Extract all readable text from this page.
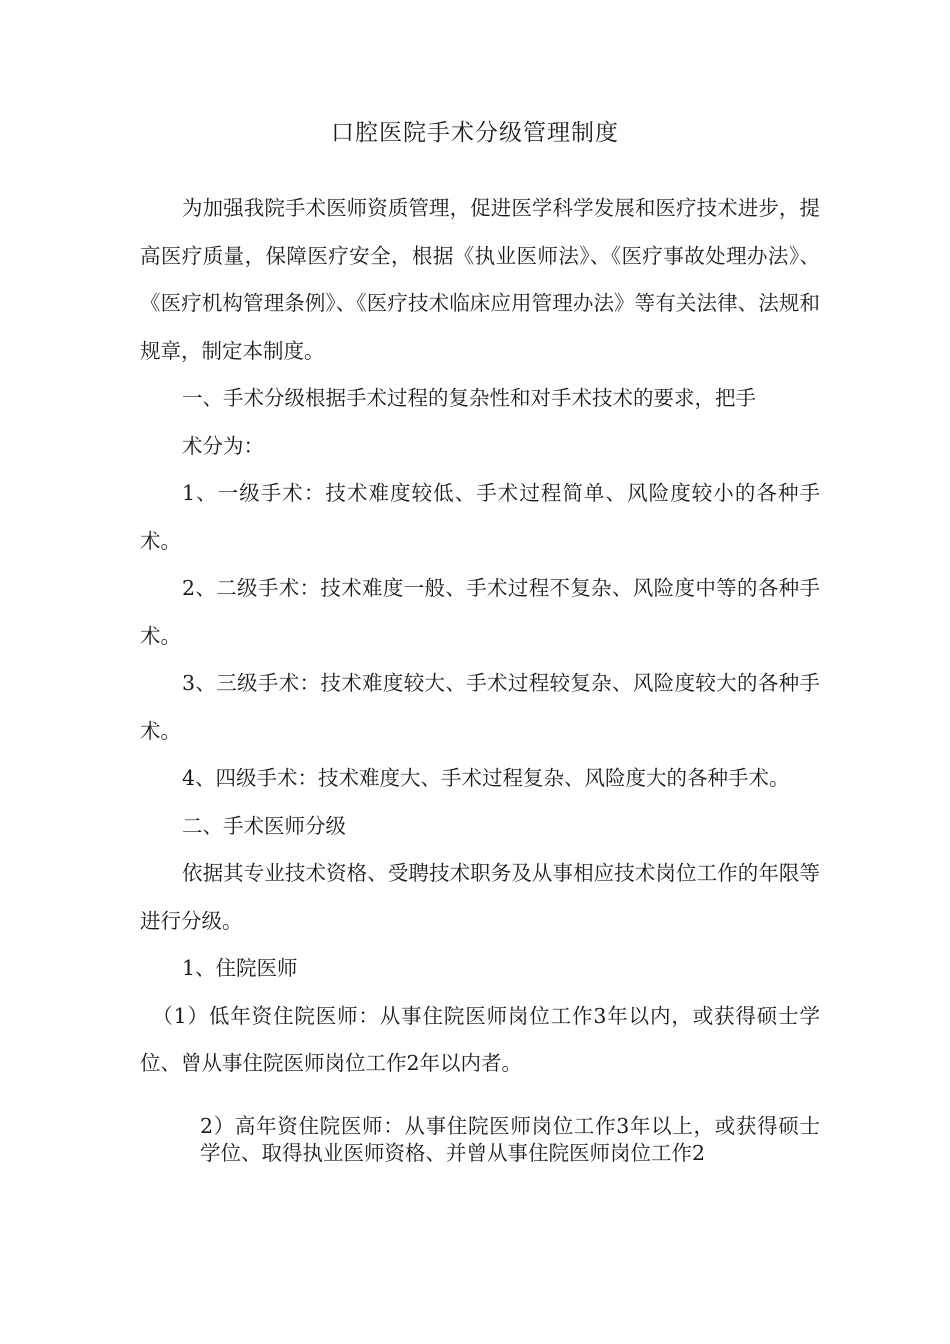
口腔医院手术分级管理制度

为加强我院手术医师资质管理，促进医学科学发展和医疗技术进步，提高医疗质量，保障医疗安全，根据《执业医师法》、《医疗事故处理办法》、《医疗机构管理条例》、《医疗技术临床应用管理办法》等有关法律、法规和规章，制定本制度。

一、手术分级根据手术过程的复杂性和对手术技术的要求，把手

术分为：

1、一级手术：技术难度较低、手术过程简单、风险度较小的各种手术。

2、二级手术：技术难度一般、手术过程不复杂、风险度中等的各种手术。

3、三级手术：技术难度较大、手术过程较复杂、风险度较大的各种手术。

4、四级手术：技术难度大、手术过程复杂、风险度大的各种手术。

二、手术医师分级

依据其专业技术资格、受聘技术职务及从事相应技术岗位工作的年限等进行分级。

1、住院医师

（1）低年资住院医师：从事住院医师岗位工作3年以内，或获得硕士学位、曾从事住院医师岗位工作2年以内者。

2）高年资住院医师：从事住院医师岗位工作3年以上，或获得硕士学位、取得执业医师资格、并曾从事住院医师岗位工作2
